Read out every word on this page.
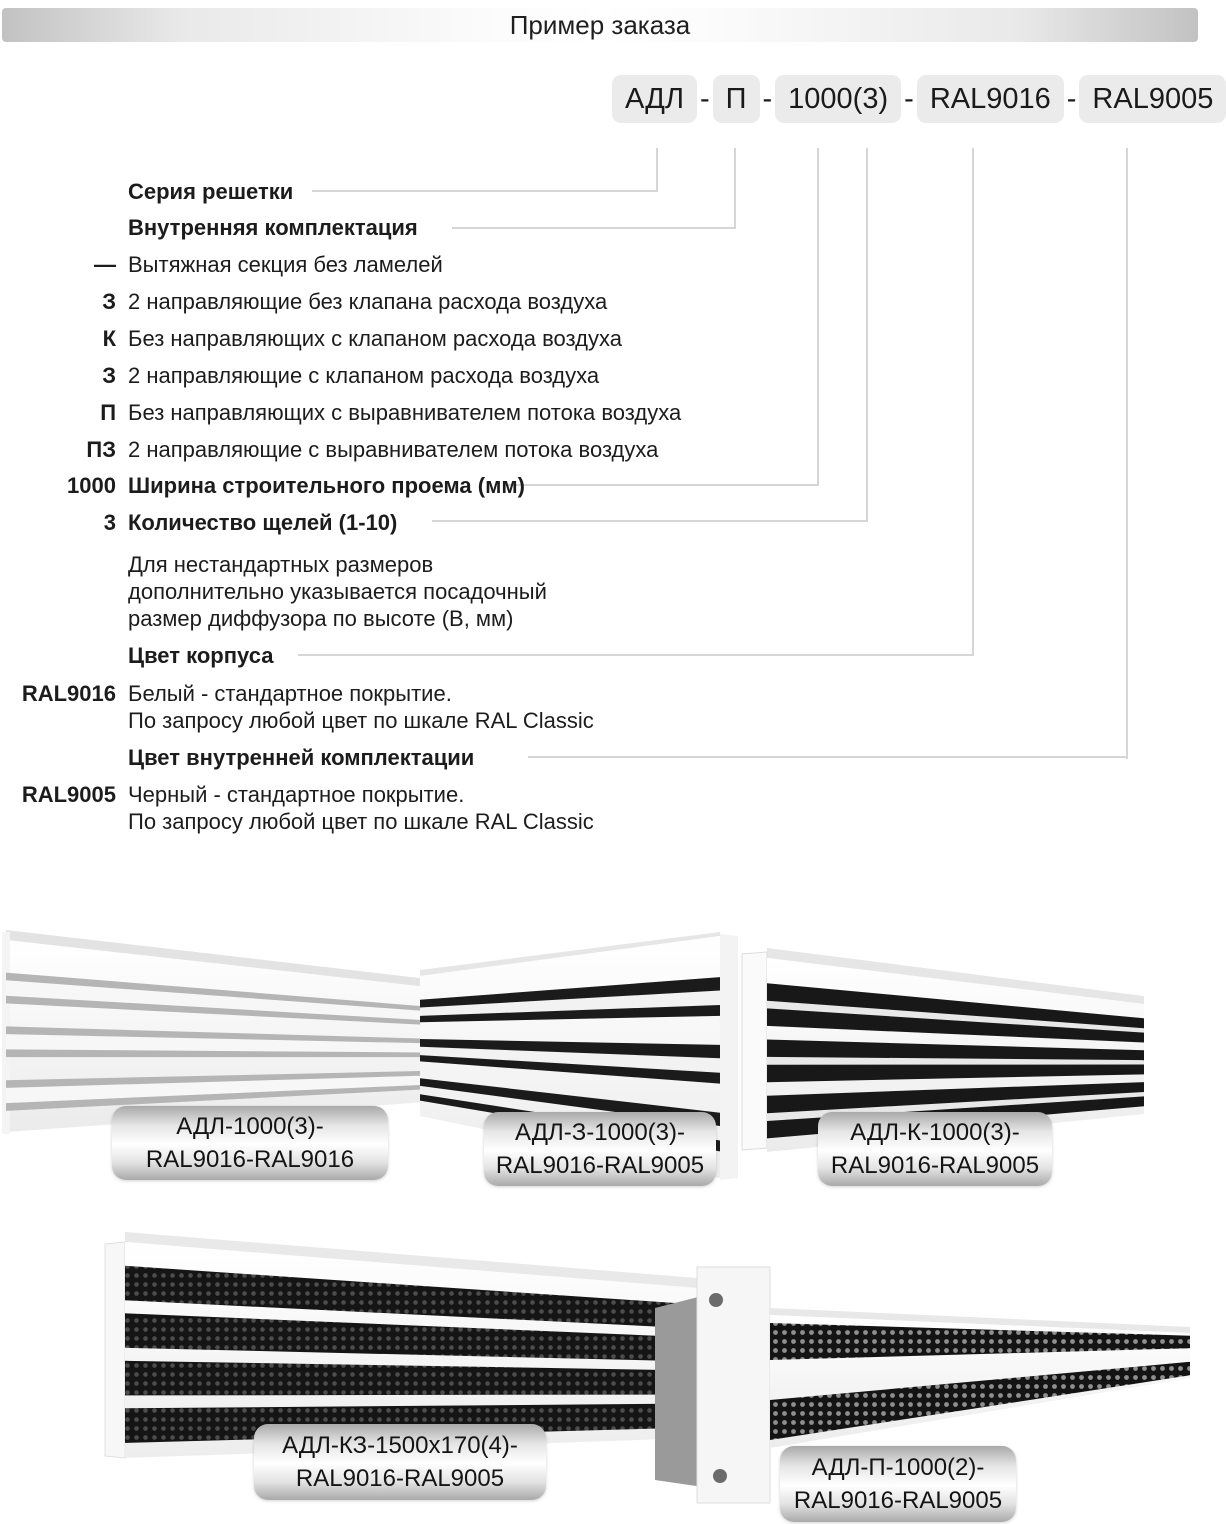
Пример заказа
АДЛ - П - 1000(3) - RAL9016 - RAL9005
Серия решетки
Внутренняя комплектация
— Вытяжная секция без ламелей
З 2 направляющие без клапана расхода воздуха
К Без направляющих с клапаном расхода воздуха
З 2 направляющие с клапаном расхода воздуха
П Без направляющих с выравнивателем потока воздуха
ПЗ 2 направляющие с выравнивателем потока воздуха
1000 Ширина строительного проема (мм)
3 Количество щелей (1-10)
Для нестандартных размеров
дополнительно указывается посадочный
размер диффузора по высоте (В, мм)
Цвет корпуса
RAL9016 Белый - стандартное покрытие.
По запросу любой цвет по шкале RAL Classic
Цвет внутренней комплектации
RAL9005 Черный - стандартное покрытие.
По запросу любой цвет по шкале RAL Classic
АДЛ-1000(3)-
RAL9016-RAL9016
АДЛ-З-1000(3)-
RAL9016-RAL9005
АДЛ-К-1000(3)-
RAL9016-RAL9005
АДЛ-КЗ-1500х170(4)-
RAL9016-RAL9005	АДЛ-П-1000(2)-
RAL9016-RAL9005
